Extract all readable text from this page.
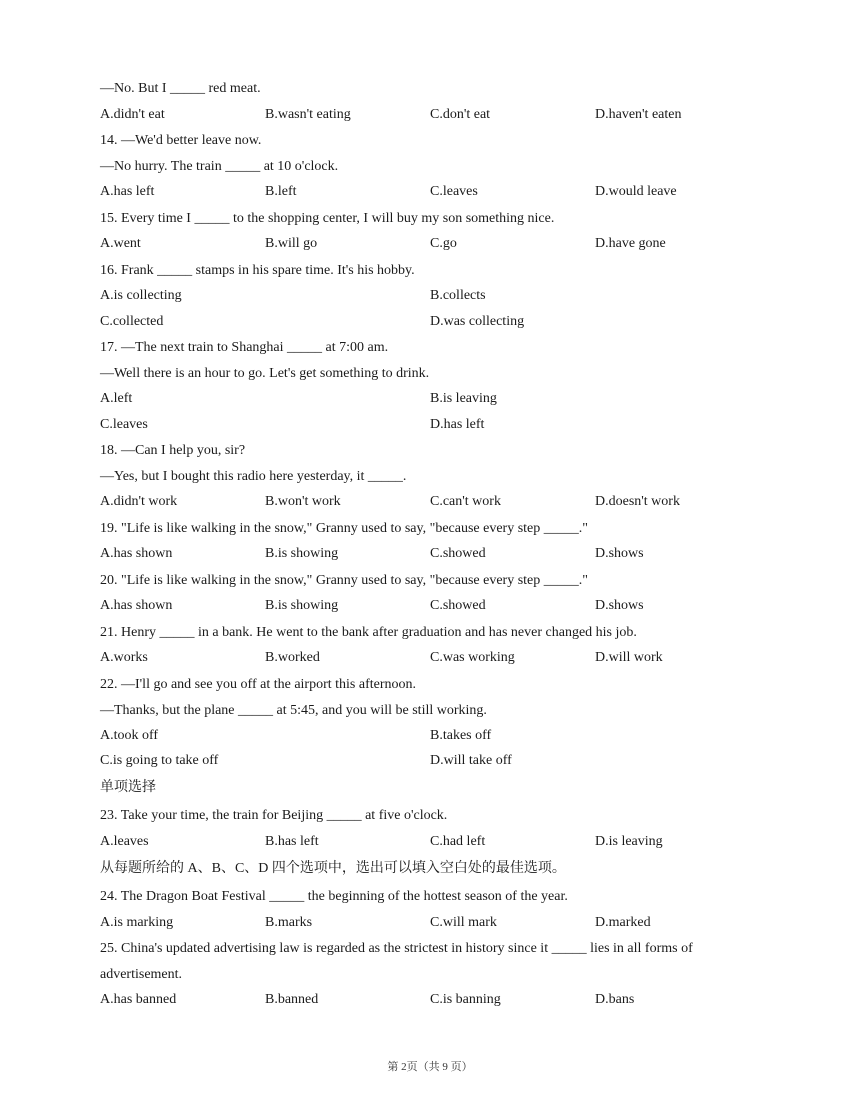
—No. But I _____ red meat.
A.didn't eat	B.wasn't eating	C.don't eat	D.haven't eaten
14. —We'd better leave now.
—No hurry. The train _____ at 10 o'clock.
A.has left	B.left	C.leaves	D.would leave
15. Every time I _____ to the shopping center, I will buy my son something nice.
A.went	B.will go	C.go	D.have gone
16. Frank _____ stamps in his spare time. It's his hobby.
A.is collecting	B.collects
C.collected	D.was collecting
17. —The next train to Shanghai _____ at 7:00 am.
—Well there is an hour to go. Let's get something to drink.
A.left	B.is leaving
C.leaves	D.has left
18. —Can I help you, sir?
—Yes, but I bought this radio here yesterday, it _____.
A.didn't work	B.won't work	C.can't work	D.doesn't work
19. "Life is like walking in the snow," Granny used to say, "because every step _____."
A.has shown	B.is showing	C.showed	D.shows
20. "Life is like walking in the snow," Granny used to say, "because every step _____."
A.has shown	B.is showing	C.showed	D.shows
21. Henry _____ in a bank. He went to the bank after graduation and has never changed his job.
A.works	B.worked	C.was working	D.will work
22. —I'll go and see you off at the airport this afternoon.
—Thanks, but the plane _____ at 5:45, and you will be still working.
A.took off	B.takes off
C.is going to take off	D.will take off
单项选择
23. Take your time, the train for Beijing _____ at five o'clock.
A.leaves	B.has left	C.had left	D.is leaving
从每题所给的 A、B、C、D 四个选项中，选出可以填入空白处的最佳选项。
24. The Dragon Boat Festival _____ the beginning of the hottest season of the year.
A.is marking	B.marks	C.will mark	D.marked
25. China's updated advertising law is regarded as the strictest in history since it _____ lies in all forms of advertisement.
A.has banned	B.banned	C.is banning	D.bans
第 2页（共 9 页）
